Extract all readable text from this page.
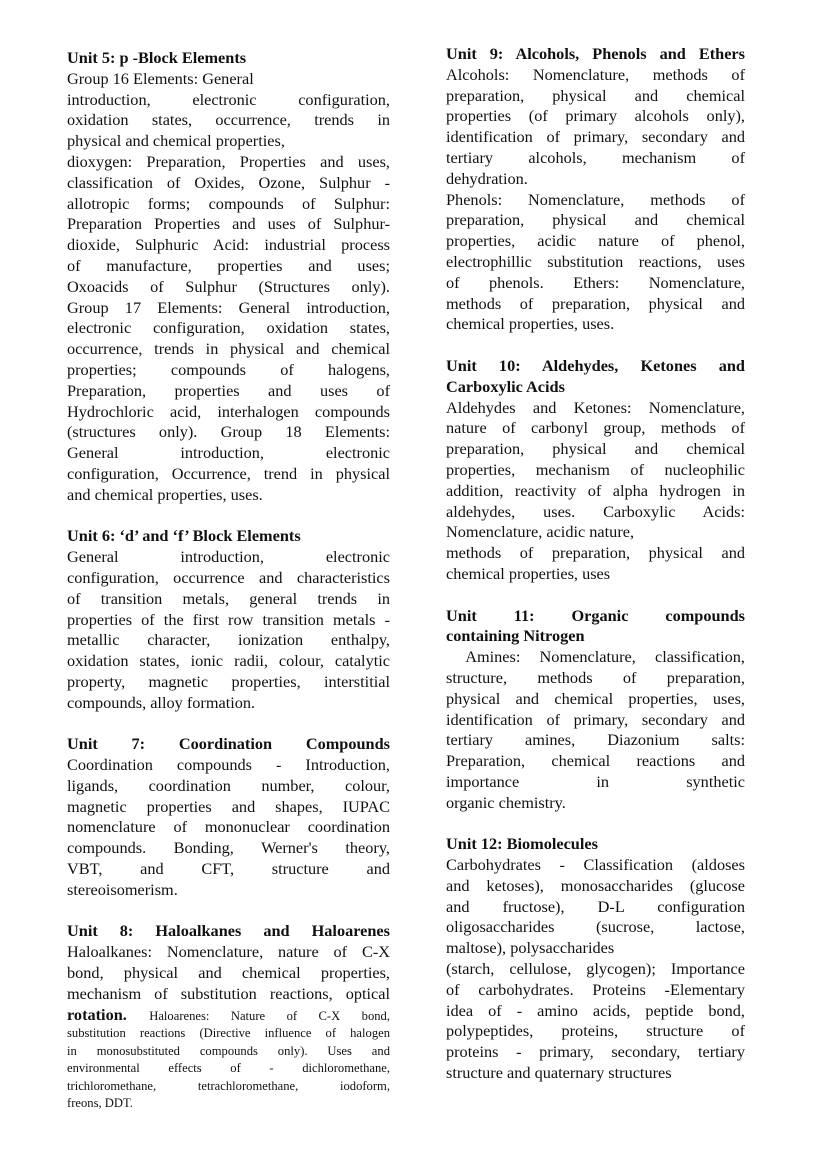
Unit 5: p -Block Elements
Group 16 Elements: General
introduction, electronic configuration,
oxidation states, occurrence, trends in
physical and chemical properties,
dioxygen: Preparation, Properties and uses,
classification of Oxides, Ozone, Sulphur -
allotropic forms; compounds of Sulphur:
Preparation Properties and uses of Sulphur-
dioxide, Sulphuric Acid: industrial process
of manufacture, properties and uses;
Oxoacids of Sulphur (Structures only).
Group 17 Elements: General introduction,
electronic configuration, oxidation states,
occurrence, trends in physical and chemical
properties; compounds of halogens,
Preparation, properties and uses of
Hydrochloric acid, interhalogen compounds
(structures only). Group 18 Elements:
General introduction, electronic
configuration, Occurrence, trend in physical
and chemical properties, uses.
Unit 6: ‘d’ and ‘f’ Block Elements
General introduction, electronic
configuration, occurrence and characteristics
of transition metals, general trends in
properties of the first row transition metals -
metallic character, ionization enthalpy,
oxidation states, ionic radii, colour, catalytic
property, magnetic properties, interstitial
compounds, alloy formation.
Unit 7: Coordination Compounds
Coordination compounds - Introduction,
ligands, coordination number, colour,
magnetic properties and shapes, IUPAC
nomenclature of mononuclear coordination
compounds. Bonding, Werner's theory,
VBT, and CFT, structure and
stereoisomerism.
Unit 8: Haloalkanes and Haloarenes
Haloalkanes: Nomenclature, nature of C-X
bond, physical and chemical properties,
mechanism of substitution reactions, optical
rotation. Haloarenes: Nature of C-X bond,
substitution reactions (Directive influence of halogen
in monosubstituted compounds only). Uses and
environmental effects of - dichloromethane,
trichloromethane, tetrachloromethane, iodoform,
freons, DDT.
Unit 9: Alcohols, Phenols and Ethers
Alcohols: Nomenclature, methods of
preparation, physical and chemical
properties (of primary alcohols only),
identification of primary, secondary and
tertiary alcohols, mechanism of
dehydration.
Phenols: Nomenclature, methods of
preparation, physical and chemical
properties, acidic nature of phenol,
electrophillic substitution reactions, uses
of phenols. Ethers: Nomenclature,
methods of preparation, physical and
chemical properties, uses.
Unit 10: Aldehydes, Ketones and
Carboxylic Acids
Aldehydes and Ketones: Nomenclature,
nature of carbonyl group, methods of
preparation, physical and chemical
properties, mechanism of nucleophilic
addition, reactivity of alpha hydrogen in
aldehydes, uses. Carboxylic Acids:
Nomenclature, acidic nature,
methods of preparation, physical and
chemical properties, uses
Unit 11: Organic compounds
containing Nitrogen
Amines: Nomenclature, classification,
structure, methods of preparation,
physical and chemical properties, uses,
identification of primary, secondary and
tertiary amines, Diazonium salts:
Preparation, chemical reactions and
importance in synthetic
organic chemistry.
Unit 12: Biomolecules
Carbohydrates - Classification (aldoses
and ketoses), monosaccharides (glucose
and fructose), D-L configuration
oligosaccharides (sucrose, lactose,
maltose), polysaccharides
(starch, cellulose, glycogen); Importance
of carbohydrates. Proteins -Elementary
idea of - amino acids, peptide bond,
polypeptides, proteins, structure of
proteins - primary, secondary, tertiary
structure and quaternary structures
